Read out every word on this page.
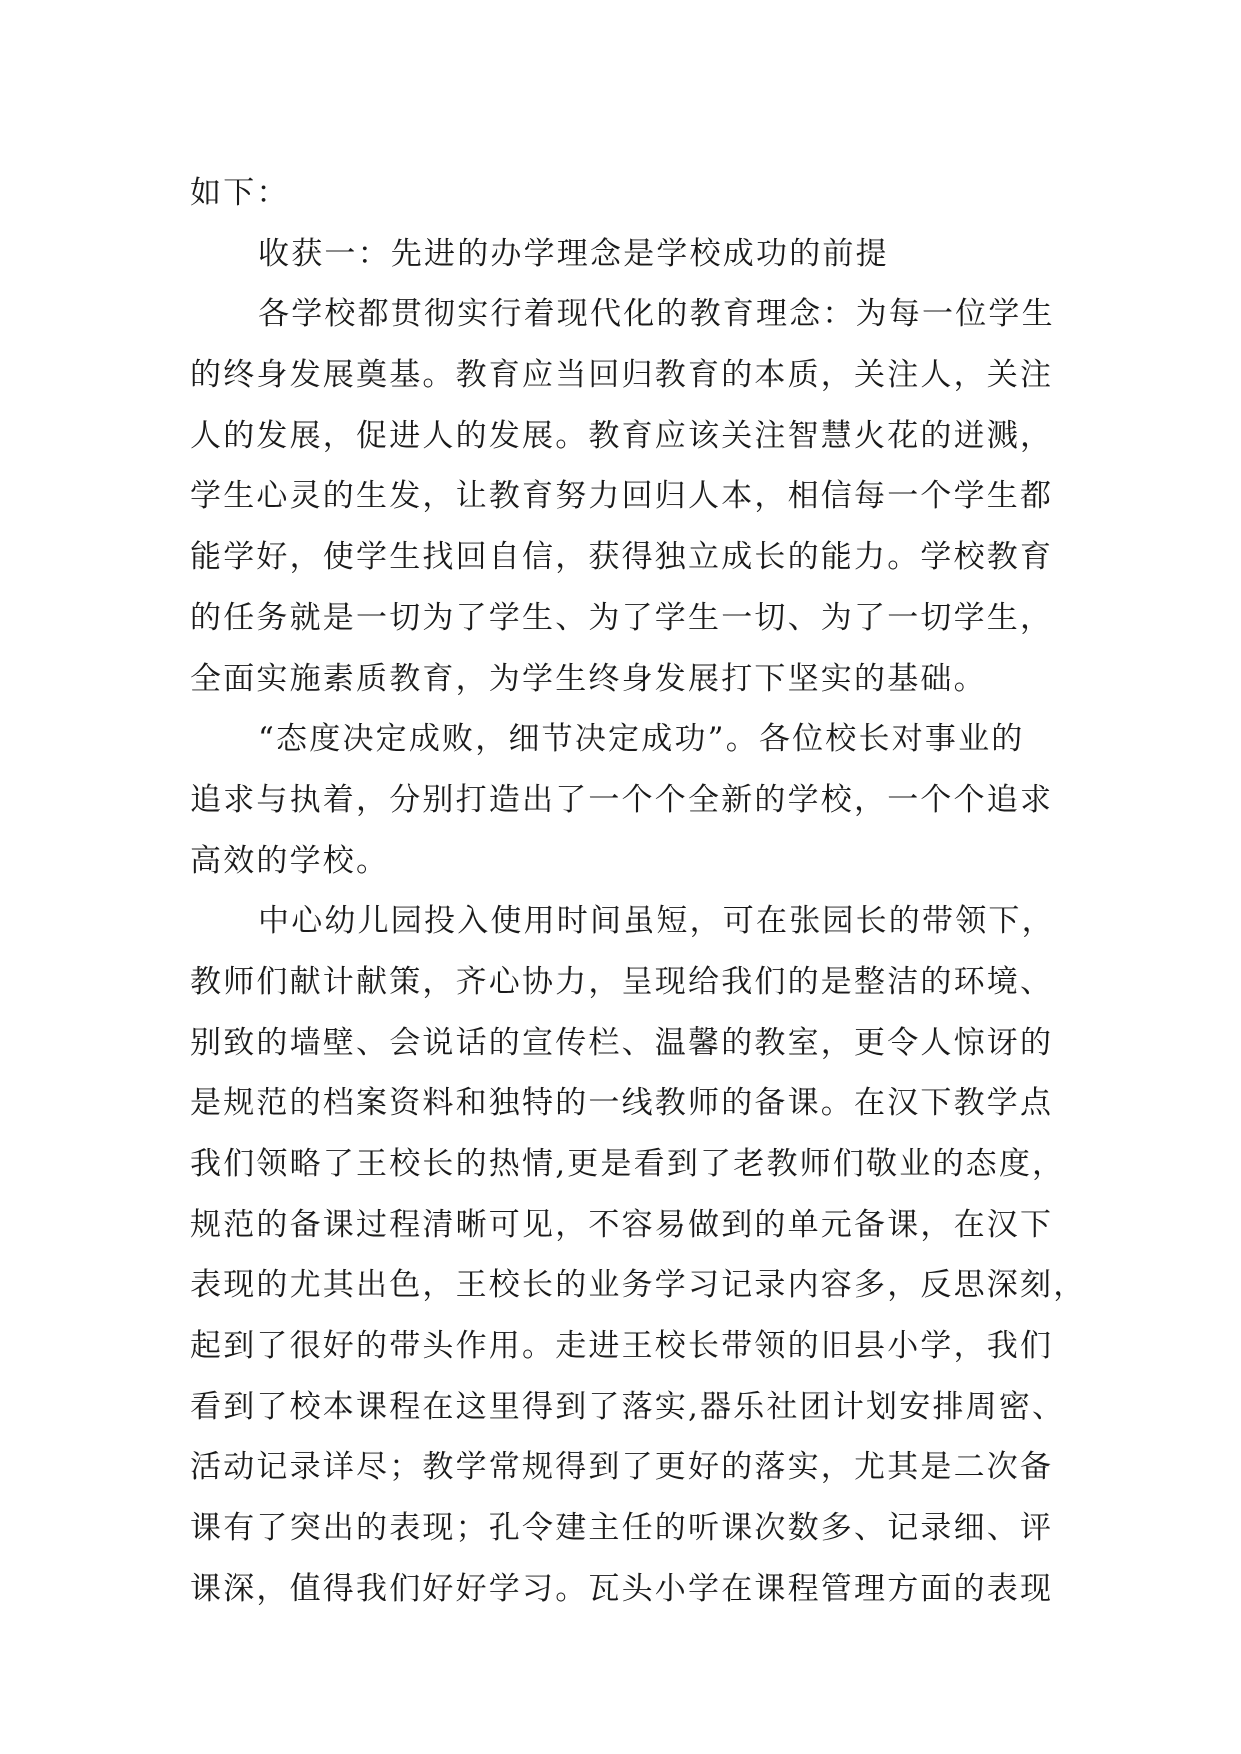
如下：
收获一：先进的办学理念是学校成功的前提
各学校都贯彻实行着现代化的教育理念：为每一位学生
的终身发展奠基。教育应当回归教育的本质，关注人，关注
人的发展，促进人的发展。教育应该关注智慧火花的迸溅，
学生心灵的生发，让教育努力回归人本，相信每一个学生都
能学好，使学生找回自信，获得独立成长的能力。学校教育
的任务就是一切为了学生、为了学生一切、为了一切学生，
全面实施素质教育，为学生终身发展打下坚实的基础。
“态度决定成败，细节决定成功”。各位校长对事业的
追求与执着，分别打造出了一个个全新的学校，一个个追求
高效的学校。
中心幼儿园投入使用时间虽短，可在张园长的带领下，
教师们献计献策，齐心协力，呈现给我们的是整洁的环境、
别致的墙壁、会说话的宣传栏、温馨的教室，更令人惊讶的
是规范的档案资料和独特的一线教师的备课。在汉下教学点
我们领略了王校长的热情,更是看到了老教师们敬业的态度，
规范的备课过程清晰可见，不容易做到的单元备课，在汉下
表现的尤其出色，王校长的业务学习记录内容多，反思深刻，
起到了很好的带头作用。走进王校长带领的旧县小学，我们
看到了校本课程在这里得到了落实,器乐社团计划安排周密、
活动记录详尽；教学常规得到了更好的落实，尤其是二次备
课有了突出的表现；孔令建主任的听课次数多、记录细、评
课深，值得我们好好学习。瓦头小学在课程管理方面的表现
